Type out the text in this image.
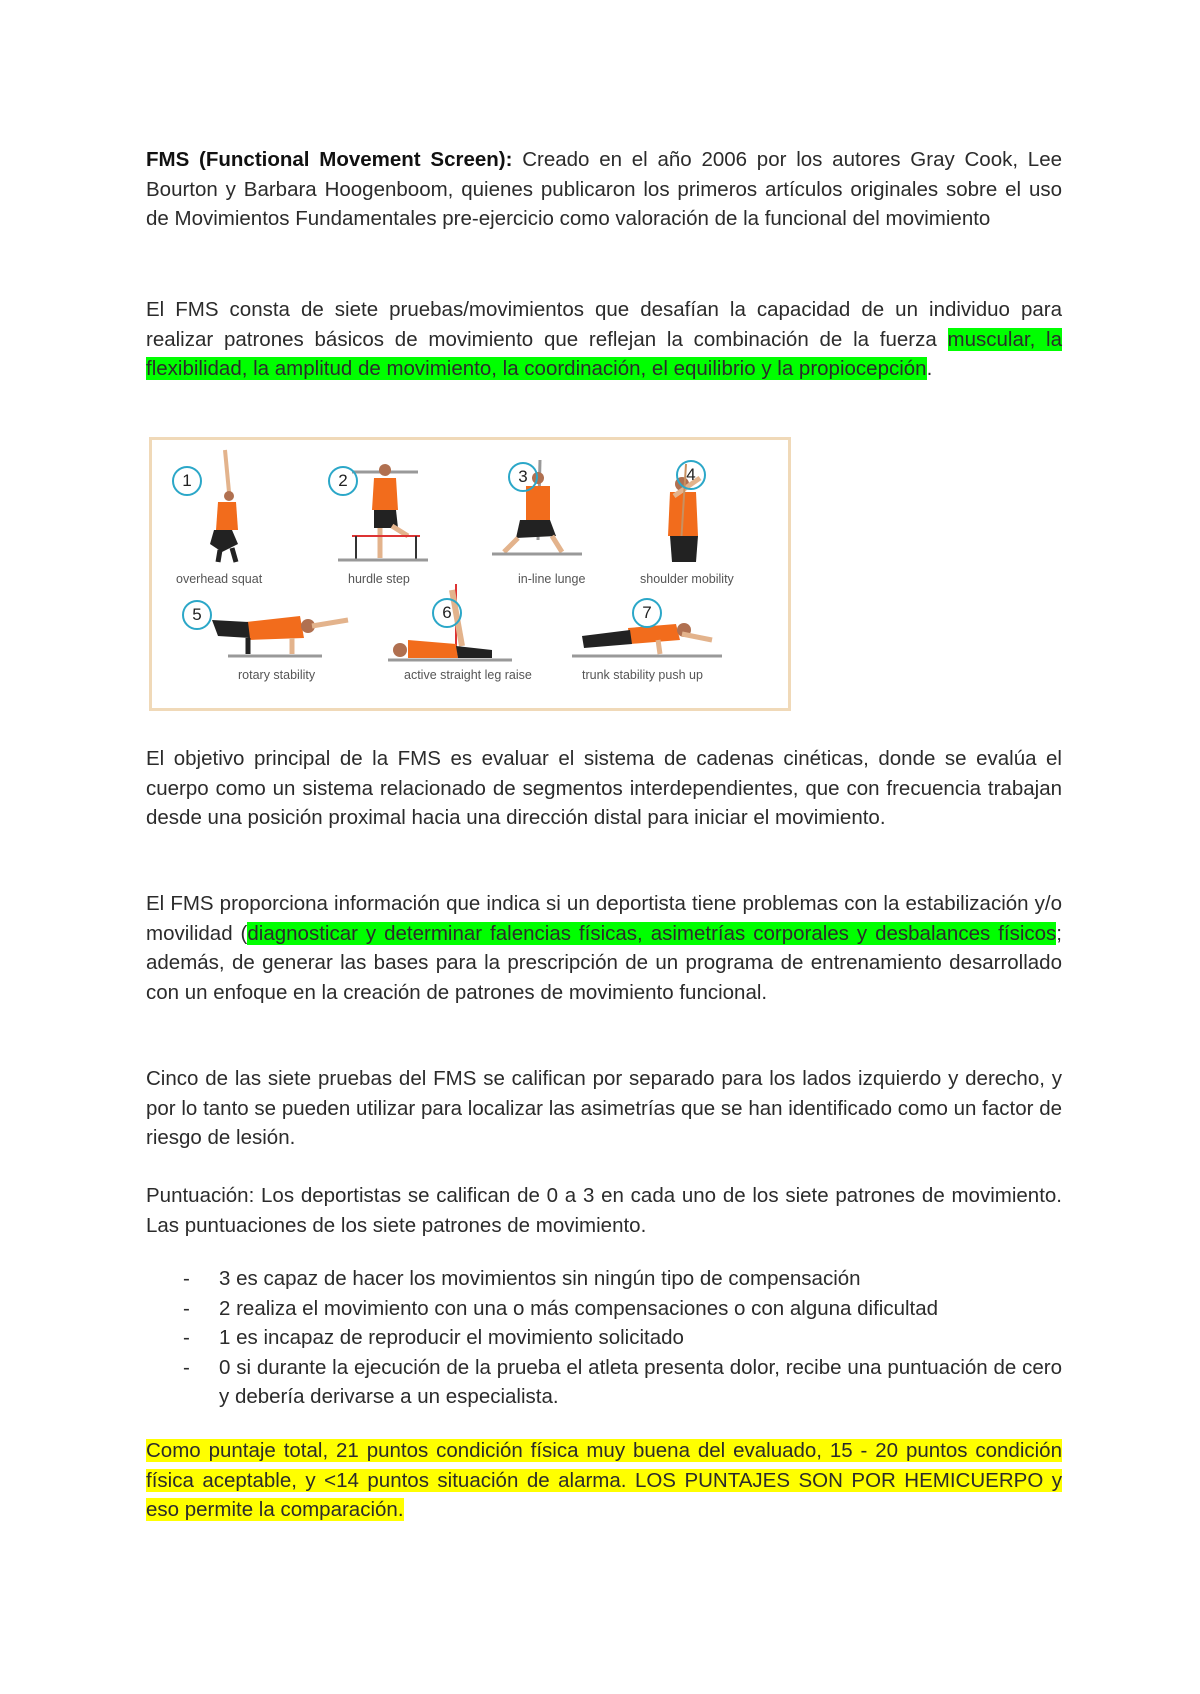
FMS (Functional Movement Screen): Creado en el año 2006 por los autores Gray Cook, Lee Bourton y Barbara Hoogenboom, quienes publicaron los primeros artículos originales sobre el uso de Movimientos Fundamentales pre-ejercicio como valoración de la funcional del movimiento

El FMS consta de siete pruebas/movimientos que desafían la capacidad de un individuo para realizar patrones básicos de movimiento que reflejan la combinación de la fuerza muscular, la flexibilidad, la amplitud de movimiento, la coordinación, el equilibrio y la propiocepción.

1
overhead squat
2
hurdle step
3
in-line lunge
4
shoulder mobility
5
rotary stability
6
active straight leg raise
7
trunk stability push up

El objetivo principal de la FMS es evaluar el sistema de cadenas cinéticas, donde se evalúa el cuerpo como un sistema relacionado de segmentos interdependientes, que con frecuencia trabajan desde una posición proximal hacia una dirección distal para iniciar el movimiento.

El FMS proporciona información que indica si un deportista tiene problemas con la estabilización y/o movilidad (diagnosticar y determinar falencias físicas, asimetrías corporales y desbalances físicos; además, de generar las bases para la prescripción de un programa de entrenamiento desarrollado con un enfoque en la creación de patrones de movimiento funcional.

Cinco de las siete pruebas del FMS se califican por separado para los lados izquierdo y derecho, y por lo tanto se pueden utilizar para localizar las asimetrías que se han identificado como un factor de riesgo de lesión.

Puntuación: Los deportistas se califican de 0 a 3 en cada uno de los siete patrones de movimiento. Las puntuaciones de los siete patrones de movimiento.

- 3 es capaz de hacer los movimientos sin ningún tipo de compensación
- 2 realiza el movimiento con una o más compensaciones o con alguna dificultad
- 1 es incapaz de reproducir el movimiento solicitado
- 0 si durante la ejecución de la prueba el atleta presenta dolor, recibe una puntuación de cero y debería derivarse a un especialista.

Como puntaje total, 21 puntos condición física muy buena del evaluado, 15 - 20 puntos condición física aceptable, y <14 puntos situación de alarma. LOS PUNTAJES SON POR HEMICUERPO y eso permite la comparación.
